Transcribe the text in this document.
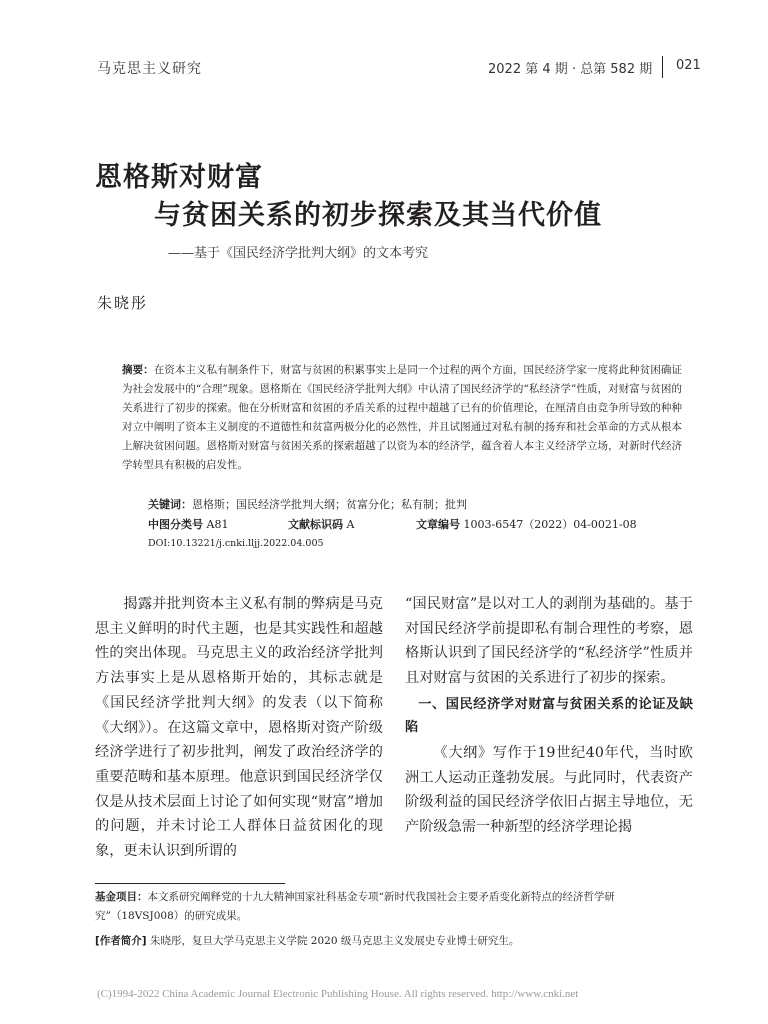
马克思主义研究	2022 第 4 期 · 总第 582 期 021
恩格斯对财富
与贫困关系的初步探索及其当代价值
——基于《国民经济学批判大纲》的文本考究
朱晓彤
摘要：在资本主义私有制条件下，财富与贫困的积累事实上是同一个过程的两个方面，国民经济学家一度将此种贫困确证为社会发展中的“合理”现象。恩格斯在《国民经济学批判大纲》中认清了国民经济学的“私经济学”性质，对财富与贫困的关系进行了初步的探索。他在分析财富和贫困的矛盾关系的过程中超越了已有的价值理论，在厘清自由竞争所导致的种种对立中阐明了资本主义制度的不道德性和贫富两极分化的必然性，并且试图通过对私有制的扬弃和社会革命的方式从根本上解决贫困问题。恩格斯对财富与贫困关系的探索超越了以资为本的经济学，蕴含着人本主义经济学立场，对新时代经济学转型具有积极的启发性。
关键词：恩格斯；国民经济学批判大纲；贫富分化；私有制；批判
中图分类号 A81	文献标识码 A	文章编号 1003-6547（2022）04-0021-08
DOI:10.13221/j.cnki.lljj.2022.04.005

揭露并批判资本主义私有制的弊病是马克思主义鲜明的时代主题，也是其实践性和超越性的突出体现。马克思主义的政治经济学批判方法事实上是从恩格斯开始的，其标志就是《国民经济学批判大纲》的发表（以下简称《大纲》）。在这篇文章中，恩格斯对资产阶级经济学进行了初步批判，阐发了政治经济学的重要范畴和基本原理。他意识到国民经济学仅仅是从技术层面上讨论了如何实现“财富”增加的问题，并未讨论工人群体日益贫困化的现象，更未认识到所谓的

“国民财富”是以对工人的剥削为基础的。基于对国民经济学前提即私有制合理性的考察，恩格斯认识到了国民经济学的“私经济学”性质并且对财富与贫困的关系进行了初步的探索。

一、国民经济学对财富与贫困关系的论证及缺陷

《大纲》写作于19世纪40年代，当时欧洲工人运动正蓬勃发展。与此同时，代表资产阶级利益的国民经济学依旧占据主导地位，无产阶级急需一种新型的经济学理论揭

基金项目：本文系研究阐释党的十九大精神国家社科基金专项“新时代我国社会主要矛盾变化新特点的经济哲学研究”（18VSJ008）的研究成果。
[作者简介] 朱晓彤，复旦大学马克思主义学院 2020 级马克思主义发展史专业博士研究生。
(C)1994-2022 China Academic Journal Electronic Publishing House. All rights reserved. http://www.cnki.net
